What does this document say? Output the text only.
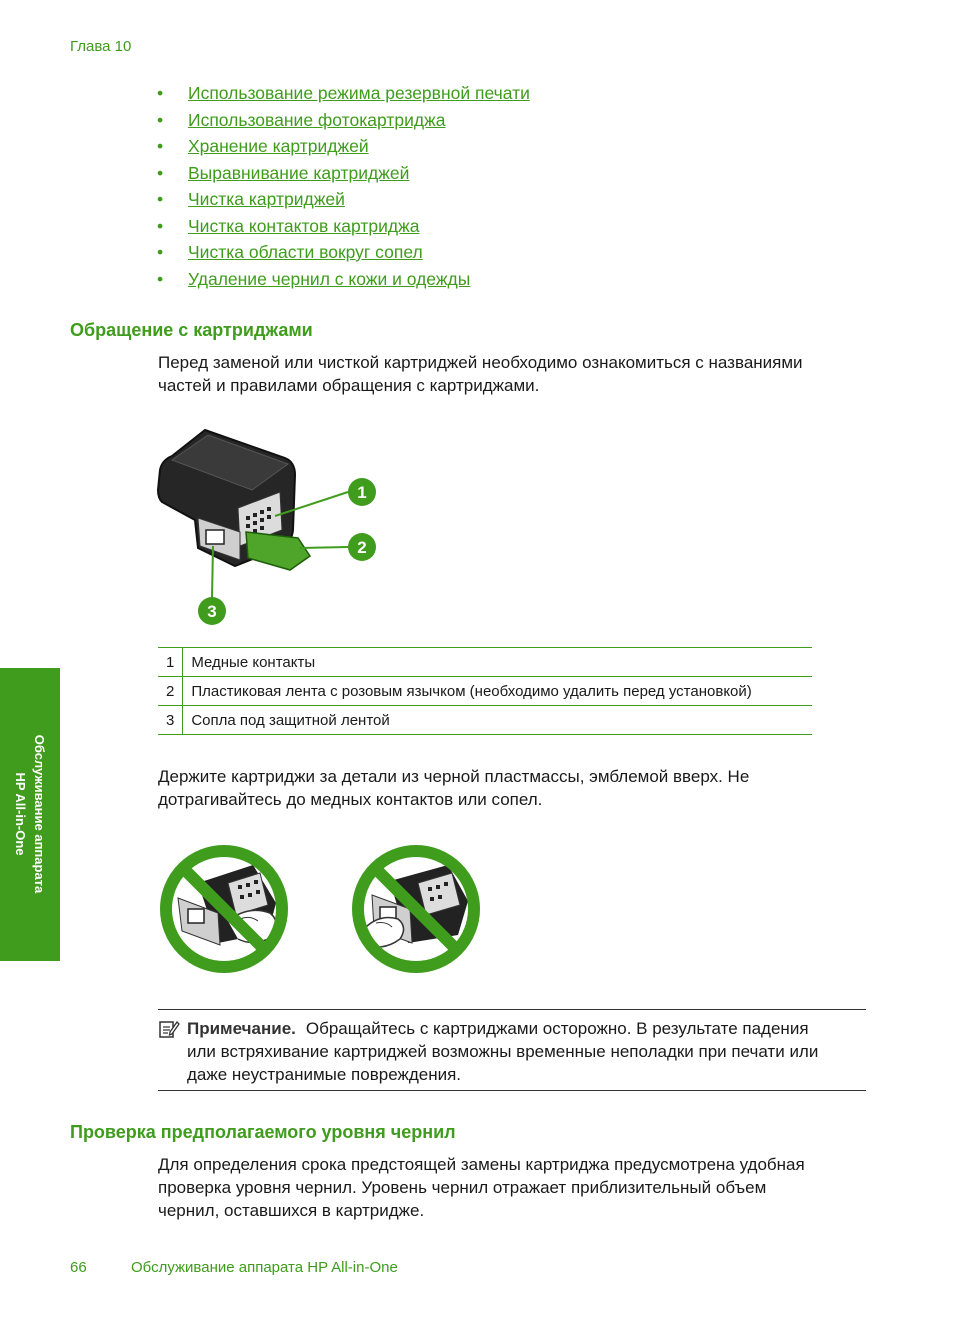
Глава 10
•	Использование режима резервной печати
•	Использование фотокартриджа
•	Хранение картриджей
•	Выравнивание картриджей
•	Чистка картриджей
•	Чистка контактов картриджа
•	Чистка области вокруг сопел
•	Удаление чернил с кожи и одежды
Обращение с картриджами

Перед заменой или чисткой картриджей необходимо ознакомиться с названиями
частей и правилами обращения с картриджами.

1
2
3
1	Медные контакты
2	Пластиковая лента с розовым язычком (необходимо удалить перед установкой)
3	Сопла под защитной лентой

Держите картриджи за детали из черной пластмассы, эмблемой вверх. Не
дотрагивайтесь до медных контактов или сопел.

Примечание. Обращайтесь с картриджами осторожно. В результате падения
или встряхивание картриджей возможны временные неполадки при печати или
даже неустранимые повреждения.
Проверка предполагаемого уровня чернил

Для определения срока предстоящей замены картриджа предусмотрена удобная
проверка уровня чернил. Уровень чернил отражает приблизительный объем
чернил, оставшихся в картридже.

Обслуживание аппарата
HP All-in-One
66	Обслуживание аппарата HP All-in-One
